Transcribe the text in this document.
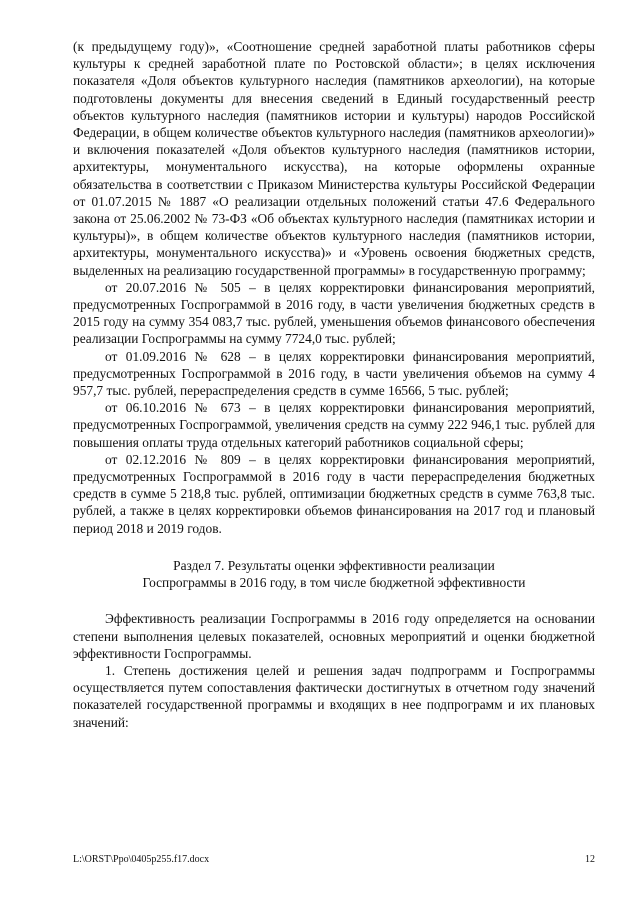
(к предыдущему году)», «Соотношение средней заработной платы работников сферы культуры к средней заработной плате по Ростовской области»; в целях исключения показателя «Доля объектов культурного наследия (памятников археологии), на которые подготовлены документы для внесения сведений в Единый государственный реестр объектов культурного наследия (памятников истории и культуры) народов Российской Федерации, в общем количестве объектов культурного наследия (памятников археологии)» и включения показателей «Доля объектов культурного наследия (памятников истории, архитектуры, монументального искусства), на которые оформлены охранные обязательства в соответствии с Приказом Министерства культуры Российской Федерации от 01.07.2015 № 1887 «О реализации отдельных положений статьи 47.6 Федерального закона от 25.06.2002 № 73-ФЗ «Об объектах культурного наследия (памятниках истории и культуры)», в общем количестве объектов культурного наследия (памятников истории, архитектуры, монументального искусства)» и «Уровень освоения бюджетных средств, выделенных на реализацию государственной программы» в государственную программу;

от 20.07.2016 № 505 – в целях корректировки финансирования мероприятий, предусмотренных Госпрограммой в 2016 году, в части увеличения бюджетных средств в 2015 году на сумму 354 083,7 тыс. рублей, уменьшения объемов финансового обеспечения реализации Госпрограммы на сумму 7724,0 тыс. рублей;

от 01.09.2016 № 628 – в целях корректировки финансирования мероприятий, предусмотренных Госпрограммой в 2016 году, в части увеличения объемов на сумму 4 957,7 тыс. рублей, перераспределения средств в сумме 16566, 5 тыс. рублей;

от 06.10.2016 № 673 – в целях корректировки финансирования мероприятий, предусмотренных Госпрограммой, увеличения средств на сумму 222 946,1 тыс. рублей для повышения оплаты труда отдельных категорий работников социальной сферы;

от 02.12.2016 № 809 – в целях корректировки финансирования мероприятий, предусмотренных Госпрограммой в 2016 году в части перераспределения бюджетных средств в сумме 5 218,8 тыс. рублей, оптимизации бюджетных средств в сумме 763,8 тыс. рублей, а также в целях корректировки объемов финансирования на 2017 год и плановый период 2018 и 2019 годов.

Раздел 7. Результаты оценки эффективности реализации
Госпрограммы в 2016 году, в том числе бюджетной эффективности

Эффективность реализации Госпрограммы в 2016 году определяется на основании степени выполнения целевых показателей, основных мероприятий и оценки бюджетной эффективности Госпрограммы.

1. Степень достижения целей и решения задач подпрограмм и Госпрограммы осуществляется путем сопоставления фактически достигнутых в отчетном году значений показателей государственной программы и входящих в нее подпрограмм и их плановых значений:

L:\ORST\Ppo\0405p255.f17.docx	12
